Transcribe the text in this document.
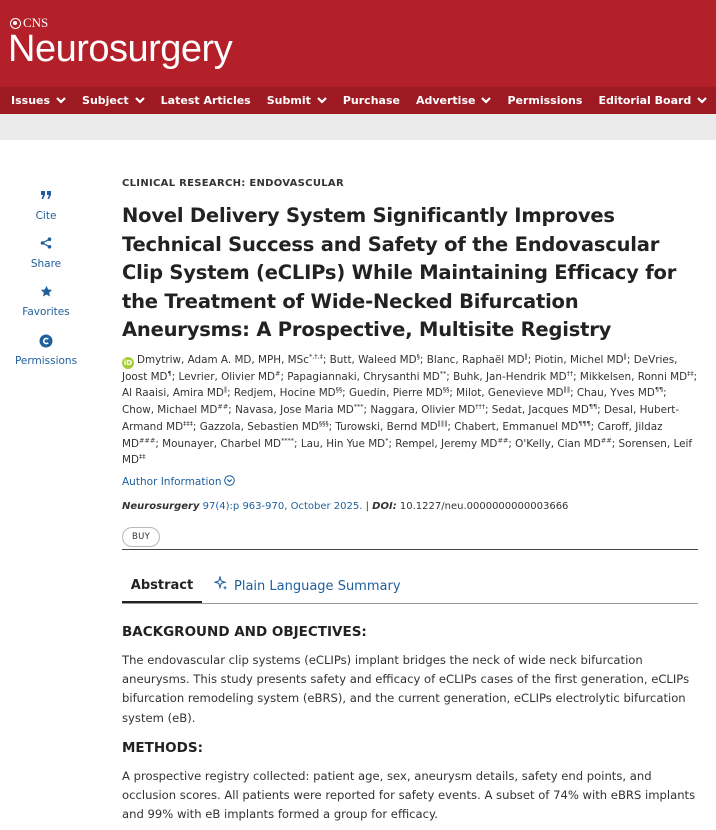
CNS
Neurosurgery
Issues	Subject	Latest Articles Submit	Purchase Advertise	Permissions Editorial Board
Cite
Share
Favorites
Permissions
CLINICAL RESEARCH: ENDOVASCULAR
Novel Delivery System Significantly Improves Technical Success and Safety of the Endovascular Clip System (eCLIPs) While Maintaining Efficacy for the Treatment of Wide-Necked Bifurcation Aneurysms: A Prospective, Multisite Registry
iD Dmytriw, Adam A. MD, MPH, MSc*,†,‡; Butt, Waleed MD§; Blanc, Raphaël MD‖; Piotin, Michel MD‖; DeVries, Joost MD¶; Levrier, Olivier MD#; Papagiannaki, Chrysanthi MD**; Buhk, Jan-Hendrik MD††; Mikkelsen, Ronni MD‡‡; Al Raaisi, Amira MD‖; Redjem, Hocine MD§§; Guedin, Pierre MD§§; Milot, Genevieve MD‖‖; Chau, Yves MD¶¶; Chow, Michael MD##; Navasa, Jose Maria MD***; Naggara, Olivier MD†††; Sedat, Jacques MD¶¶; Desal, Hubert-Armand MD‡‡‡; Gazzola, Sebastien MD§§§; Turowski, Bernd MD‖‖‖; Chabert, Emmanuel MD¶¶¶; Caroff, Jildaz MD###; Mounayer, Charbel MD****; Lau, Hin Yue MD*; Rempel, Jeremy MD##; O'Kelly, Cian MD##; Sorensen, Leif MD‡‡
Author Information
Neurosurgery 97(4):p 963-970, October 2025. | DOI: 10.1227/neu.0000000000003666
BUY
Abstract	Plain Language Summary
BACKGROUND AND OBJECTIVES:
The endovascular clip systems (eCLIPs) implant bridges the neck of wide neck bifurcation aneurysms. This study presents safety and efficacy of eCLIPs cases of the first generation, eCLIPs bifurcation remodeling system (eBRS), and the current generation, eCLIPs electrolytic bifurcation system (eB).
METHODS:
A prospective registry collected: patient age, sex, aneurysm details, safety end points, and occlusion scores. All patients were reported for safety events. A subset of 74% with eBRS implants and 99% with eB implants formed a group for efficacy.
